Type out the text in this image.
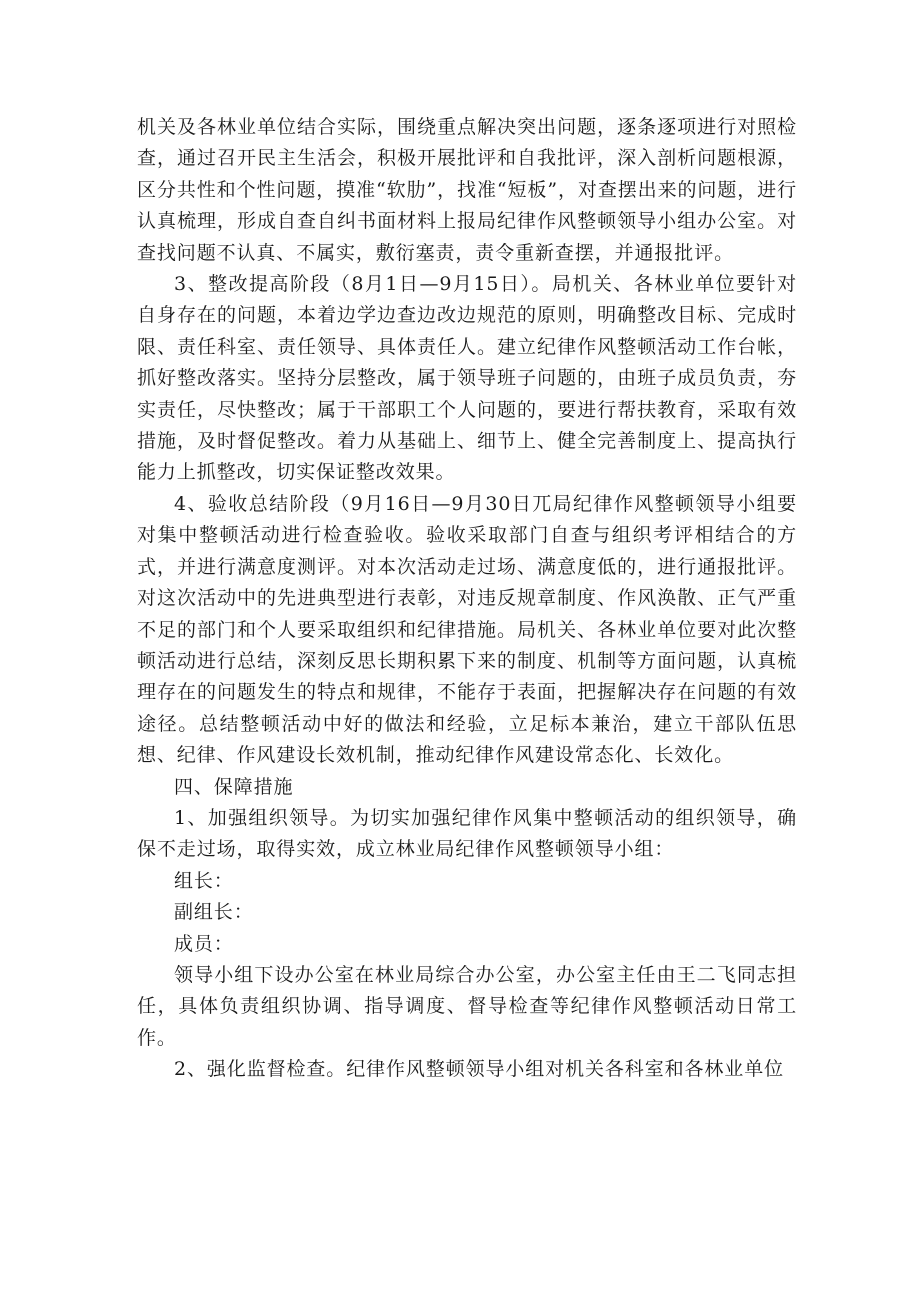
机关及各林业单位结合实际，围绕重点解决突出问题，逐条逐项进行对照检查，通过召开民主生活会，积极开展批评和自我批评，深入剖析问题根源，区分共性和个性问题，摸准“软肋”，找准“短板”，对查摆出来的问题，进行认真梳理，形成自查自纠书面材料上报局纪律作风整顿领导小组办公室。对查找问题不认真、不属实，敷衍塞责，责令重新查摆，并通报批评。

3、整改提高阶段（8月1日—9月15日）。局机关、各林业单位要针对自身存在的问题，本着边学边查边改边规范的原则，明确整改目标、完成时限、责任科室、责任领导、具体责任人。建立纪律作风整顿活动工作台帐，抓好整改落实。坚持分层整改，属于领导班子问题的，由班子成员负责，夯实责任，尽快整改；属于干部职工个人问题的，要进行帮扶教育，采取有效措施，及时督促整改。着力从基础上、细节上、健全完善制度上、提高执行能力上抓整改，切实保证整改效果。

4、验收总结阶段（9月16日—9月30日兀局纪律作风整顿领导小组要对集中整顿活动进行检查验收。验收采取部门自查与组织考评相结合的方式，并进行满意度测评。对本次活动走过场、满意度低的，进行通报批评。对这次活动中的先进典型进行表彰，对违反规章制度、作风涣散、正气严重不足的部门和个人要采取组织和纪律措施。局机关、各林业单位要对此次整顿活动进行总结，深刻反思长期积累下来的制度、机制等方面问题，认真梳理存在的问题发生的特点和规律，不能存于表面，把握解决存在问题的有效途径。总结整顿活动中好的做法和经验，立足标本兼治，建立干部队伍思想、纪律、作风建设长效机制，推动纪律作风建设常态化、长效化。

四、保障措施

1、加强组织领导。为切实加强纪律作风集中整顿活动的组织领导，确保不走过场，取得实效，成立林业局纪律作风整顿领导小组：

组长：

副组长：

成员：

领导小组下设办公室在林业局综合办公室，办公室主任由王二飞同志担任，具体负责组织协调、指导调度、督导检查等纪律作风整顿活动日常工作。

2、强化监督检查。纪律作风整顿领导小组对机关各科室和各林业单位
